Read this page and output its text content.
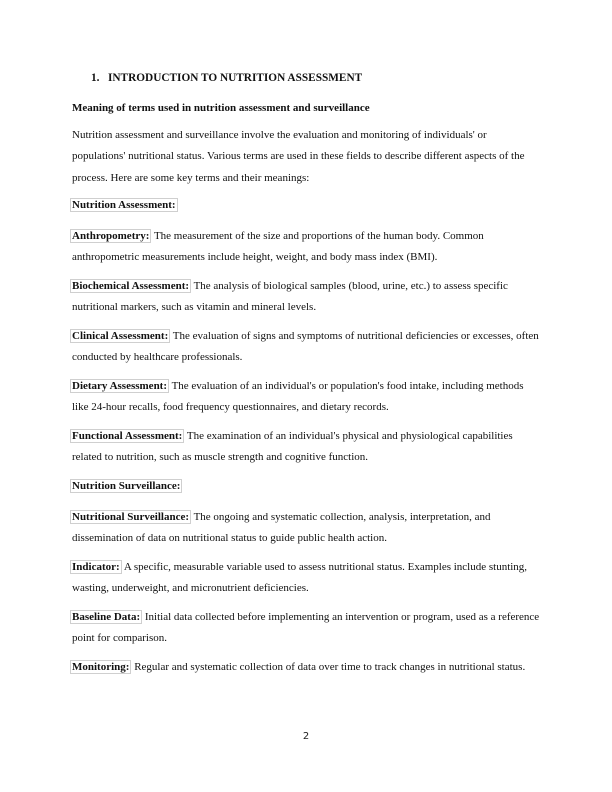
1. INTRODUCTION TO NUTRITION ASSESSMENT
Meaning of terms used in nutrition assessment and surveillance
Nutrition assessment and surveillance involve the evaluation and monitoring of individuals' or populations' nutritional status. Various terms are used in these fields to describe different aspects of the process. Here are some key terms and their meanings:
Nutrition Assessment:
Anthropometry: The measurement of the size and proportions of the human body. Common anthropometric measurements include height, weight, and body mass index (BMI).
Biochemical Assessment: The analysis of biological samples (blood, urine, etc.) to assess specific nutritional markers, such as vitamin and mineral levels.
Clinical Assessment: The evaluation of signs and symptoms of nutritional deficiencies or excesses, often conducted by healthcare professionals.
Dietary Assessment: The evaluation of an individual's or population's food intake, including methods like 24-hour recalls, food frequency questionnaires, and dietary records.
Functional Assessment: The examination of an individual's physical and physiological capabilities related to nutrition, such as muscle strength and cognitive function.
Nutrition Surveillance:
Nutritional Surveillance: The ongoing and systematic collection, analysis, interpretation, and dissemination of data on nutritional status to guide public health action.
Indicator: A specific, measurable variable used to assess nutritional status. Examples include stunting, wasting, underweight, and micronutrient deficiencies.
Baseline Data: Initial data collected before implementing an intervention or program, used as a reference point for comparison.
Monitoring: Regular and systematic collection of data over time to track changes in nutritional status.
2
